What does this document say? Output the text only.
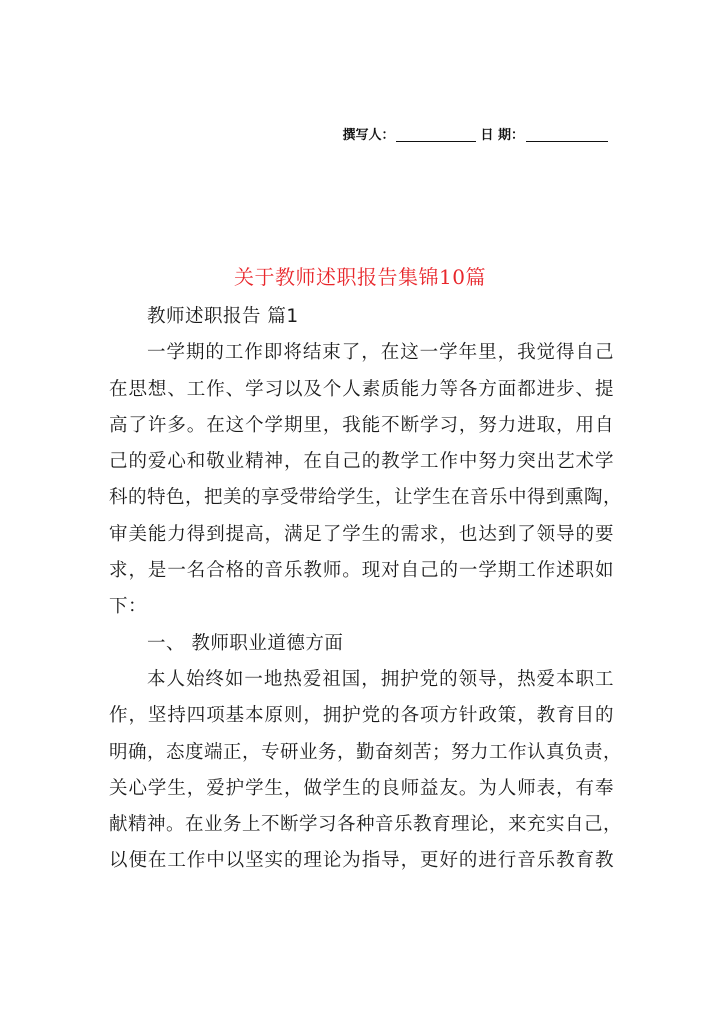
撰写人：	日 期：
关于教师述职报告集锦10篇
教师述职报告 篇1
一学期的工作即将结束了，在这一学年里，我觉得自己
在思想、工作、学习以及个人素质能力等各方面都进步、提
高了许多。在这个学期里，我能不断学习，努力进取，用自
己的爱心和敬业精神，在自己的教学工作中努力突出艺术学
科的特色，把美的享受带给学生，让学生在音乐中得到熏陶，
审美能力得到提高，满足了学生的需求，也达到了领导的要
求，是一名合格的音乐教师。现对自己的一学期工作述职如
下：
一、 教师职业道德方面
本人始终如一地热爱祖国，拥护党的领导，热爱本职工
作，坚持四项基本原则，拥护党的各项方针政策，教育目的
明确，态度端正，专研业务，勤奋刻苦；努力工作认真负责，
关心学生，爱护学生，做学生的良师益友。为人师表，有奉
献精神。在业务上不断学习各种音乐教育理论，来充实自己，
以便在工作中以坚实的理论为指导，更好的进行音乐教育教
